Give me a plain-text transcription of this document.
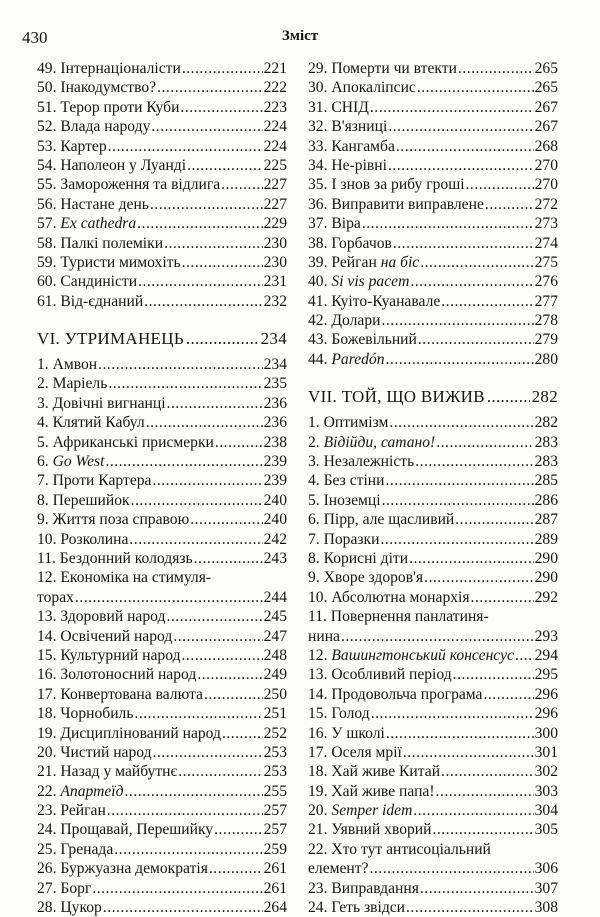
430	Зміст
49. Інтернаціоналісти .....	221
50. Інакодумство? .....	222
51. Терор проти Куби .....	223
52. Влада народу .....	224
53. Картер .....	224
54. Наполеон у Луанді .....	225
55. Замороження та відлига .....	227
56. Настане день .....	227
57. Ex cathedra .....	229
58. Палкі полеміки .....	230
59. Туристи мимохіть .....	230
60. Сандиністи .....	231
61. Від-єднаний .....	232
VI. УТРИМАНЕЦЬ .....	234
1. Амвон .....	234
2. Маріель .....	235
3. Довічні вигнанці .....	236
4. Клятий Кабул .....	236
5. Африканські присмерки .....	238
6. Go West .....	239
7. Проти Картера .....	239
8. Перешийок .....	240
9. Життя поза справою .....	240
10. Розколина .....	242
11. Бездонний колодязь .....	243
12. Економіка на стимуля-
торах .....	244
13. Здоровий народ .....	245
14. Освічений народ .....	247
15. Культурний народ .....	248
16. Золотоносний народ .....	249
17. Конвертована валюта .....	250
18. Чорнобиль .....	251
19. Дисциплінований народ .....	252
20. Чистий народ .....	253
21. Назад у майбутнє .....	253
22. Апартеїд .....	255
23. Рейган .....	257
24. Прощавай, Перешийку .....	257
25. Гренада .....	259
26. Буржуазна демократія .....	261
27. Борг .....	261
28. Цукор .....	264
29. Померти чи втекти .....	265
30. Апокаліпсис .....	265
31. СНІД .....	267
32. В'язниці .....	267
33. Кангамба .....	268
34. Не-рівні .....	270
35. І знов за рибу гроші .....	270
36. Виправити виправлене .....	272
37. Віра .....	273
38. Горбачов .....	274
39. Рейган на біс .....	275
40. Si vis pacem .....	276
41. Куіто-Куанавале .....	277
42. Долари .....	278
43. Божевільний .....	279
44. Paredón .....	280
VII. ТОЙ, ЩО ВИЖИВ .....	282
1. Оптимізм .....	282
2. Відійди, сатано! .....	283
3. Незалежність .....	283
4. Без стіни .....	285
5. Іноземці .....	286
6. Пірр, але щасливий .....	287
7. Поразки .....	289
8. Корисні діти .....	290
9. Хворе здоров'я .....	290
10. Абсолютна монархія .....	292
11. Повернення панлатиня-
нина .....	293
12. Вашингтонський консенсус ..... 294
13. Особливий період .....	295
14. Продовольча програма .....	296
15. Голод .....	296
16. У школі .....	300
17. Оселя мрії .....	301
18. Хай живе Китай .....	302
19. Хай живе папа! .....	303
20. Semper idem .....	304
21. Уявний хворий .....	305
22. Хто тут антисоціальний
елемент? .....	306
23. Виправдання .....	307
24. Геть звідси .....	308
